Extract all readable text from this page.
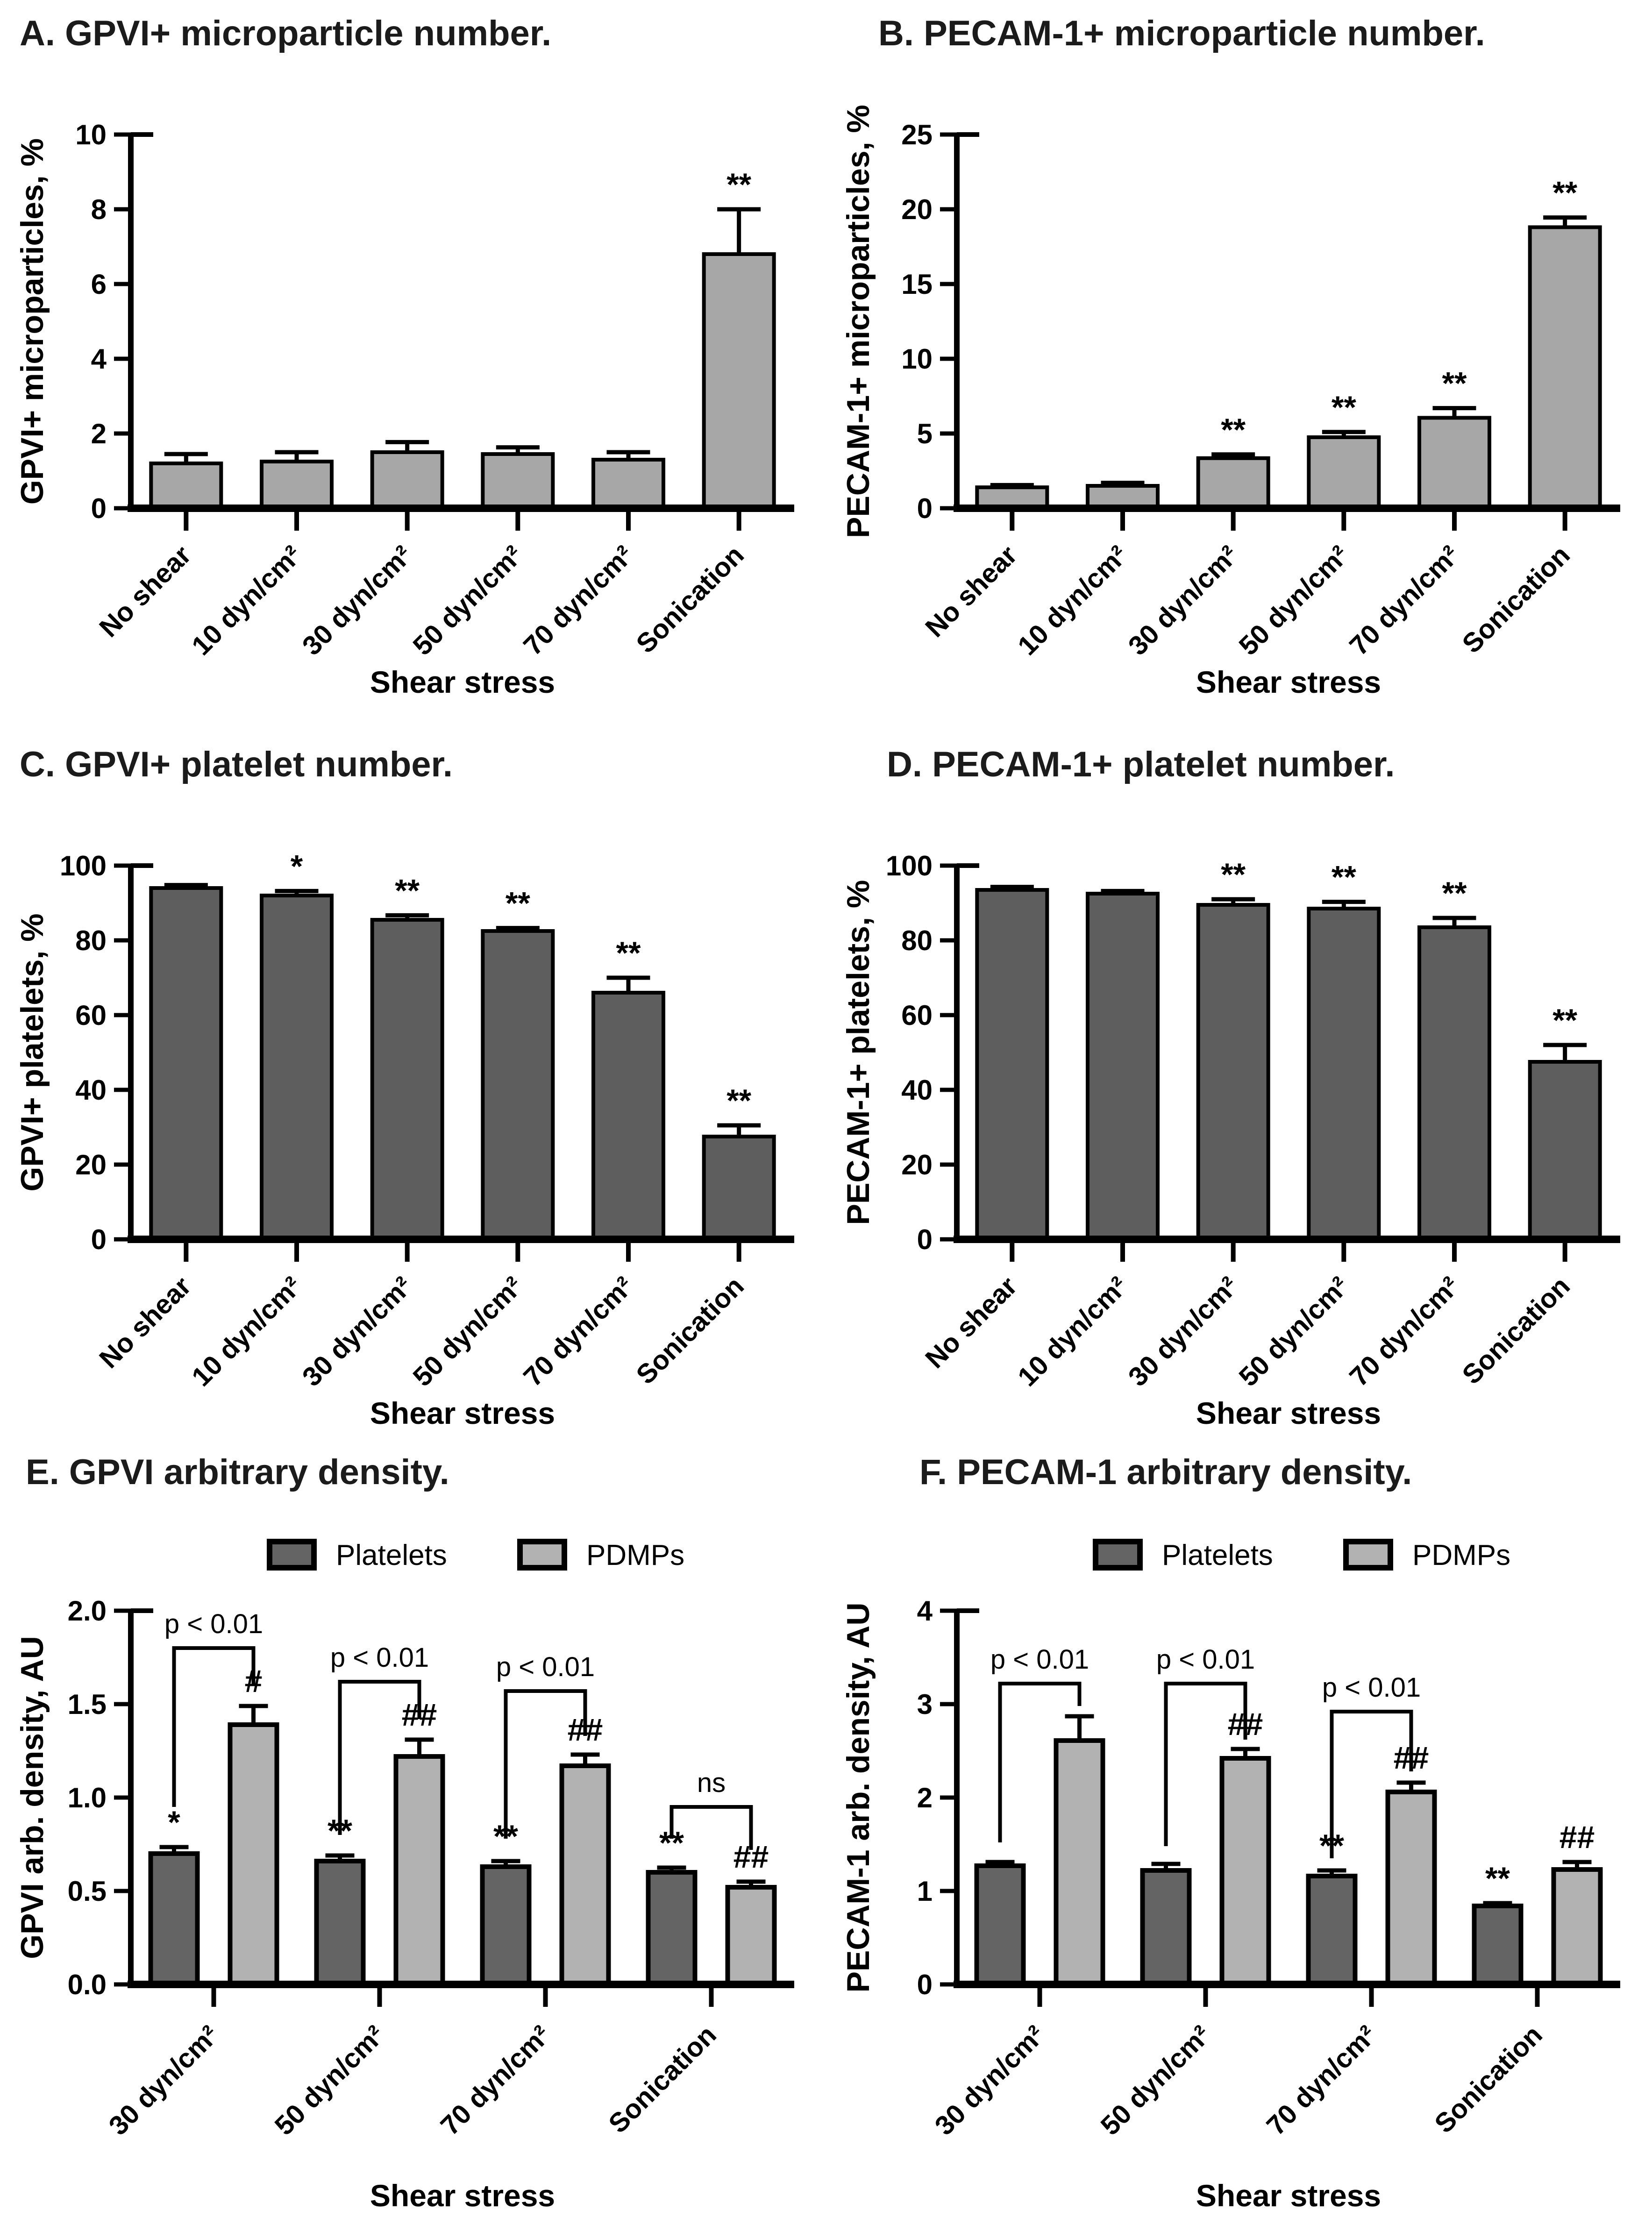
A. GPVI+ microparticle number.
**
0
2
4
6
8
10
No shear
10 dyn/cm²
30 dyn/cm²
50 dyn/cm²
70 dyn/cm²
Sonication
GPVI+ microparticles, %
Shear stress
B. PECAM-1+ microparticle number.
**
**
**
**
0
5
10
15
20
25
No shear
10 dyn/cm²
30 dyn/cm²
50 dyn/cm²
70 dyn/cm²
Sonication
PECAM-1+ microparticles, %
Shear stress
C. GPVI+ platelet number.
*
**	**
**
**
0
20
40
60
80
100
No shear
10 dyn/cm²
30 dyn/cm²
50 dyn/cm²
70 dyn/cm²
Sonication
GPVI+ platelets, %
Shear stress
D. PECAM-1+ platelet number.
**	**	**
**
0
20
40
60
80
100
No shear
10 dyn/cm²
30 dyn/cm²
50 dyn/cm²
70 dyn/cm²
Sonication
PECAM-1+ platelets, %
Shear stress
E. GPVI arbitrary density.
Platelets	PDMPs
*	**	**	**
#
##	##
##
p < 0.01
p < 0.01 p < 0.01
ns
0.0
0.5
1.0
1.5
2.0
30 dyn/cm² 50 dyn/cm² 70 dyn/cm² Sonication
GPVI arb. density, AU
Shear stress
F. PECAM-1 arbitrary density.
Platelets	PDMPs
**
**
##
##
##
p < 0.01 p < 0.01
p < 0.01
0
1
2
3
4
30 dyn/cm² 50 dyn/cm² 70 dyn/cm² Sonication
PECAM-1 arb. density, AU
Shear stress
